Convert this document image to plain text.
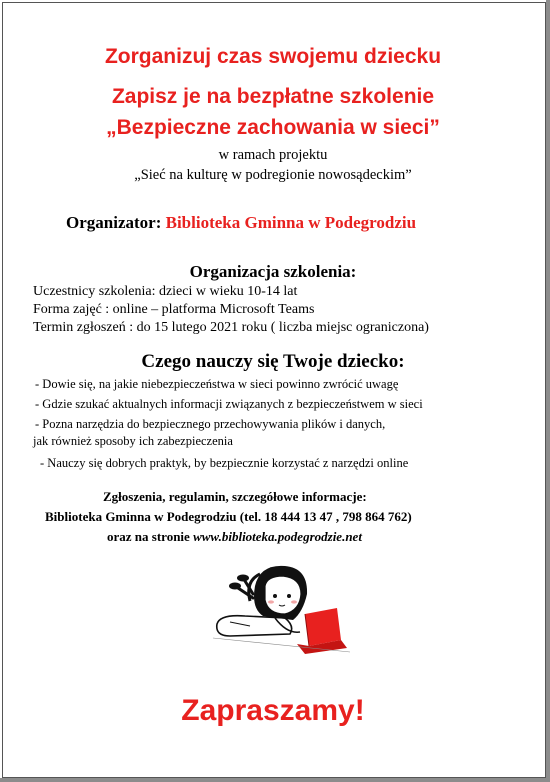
Zorganizuj czas swojemu dziecku
Zapisz je na bezpłatne szkolenie
„Bezpieczne zachowania w sieci”
w ramach projektu
„Sieć na kulturę w podregionie nowosądeckim”
Organizator: Biblioteka Gminna w Podegrodziu
Organizacja szkolenia:
Uczestnicy szkolenia: dzieci w wieku 10-14 lat
Forma zajęć : online – platforma Microsoft Teams
Termin zgłoszeń : do 15 lutego 2021 roku ( liczba miejsc ograniczona)
Czego nauczy się Twoje dziecko:
- Dowie się, na jakie niebezpieczeństwa w sieci powinno zwrócić uwagę
- Gdzie szukać aktualnych informacji związanych z bezpieczeństwem w sieci
- Pozna narzędzia do bezpiecznego przechowywania plików i danych,
jak również sposoby ich zabezpieczenia
- Nauczy się dobrych praktyk, by bezpiecznie korzystać z narzędzi online
Zgłoszenia, regulamin, szczegółowe informacje:
Biblioteka Gminna w Podegrodziu (tel. 18 444 13 47 , 798 864 762)
oraz na stronie www.biblioteka.podegrodzie.net
Zapraszamy!
